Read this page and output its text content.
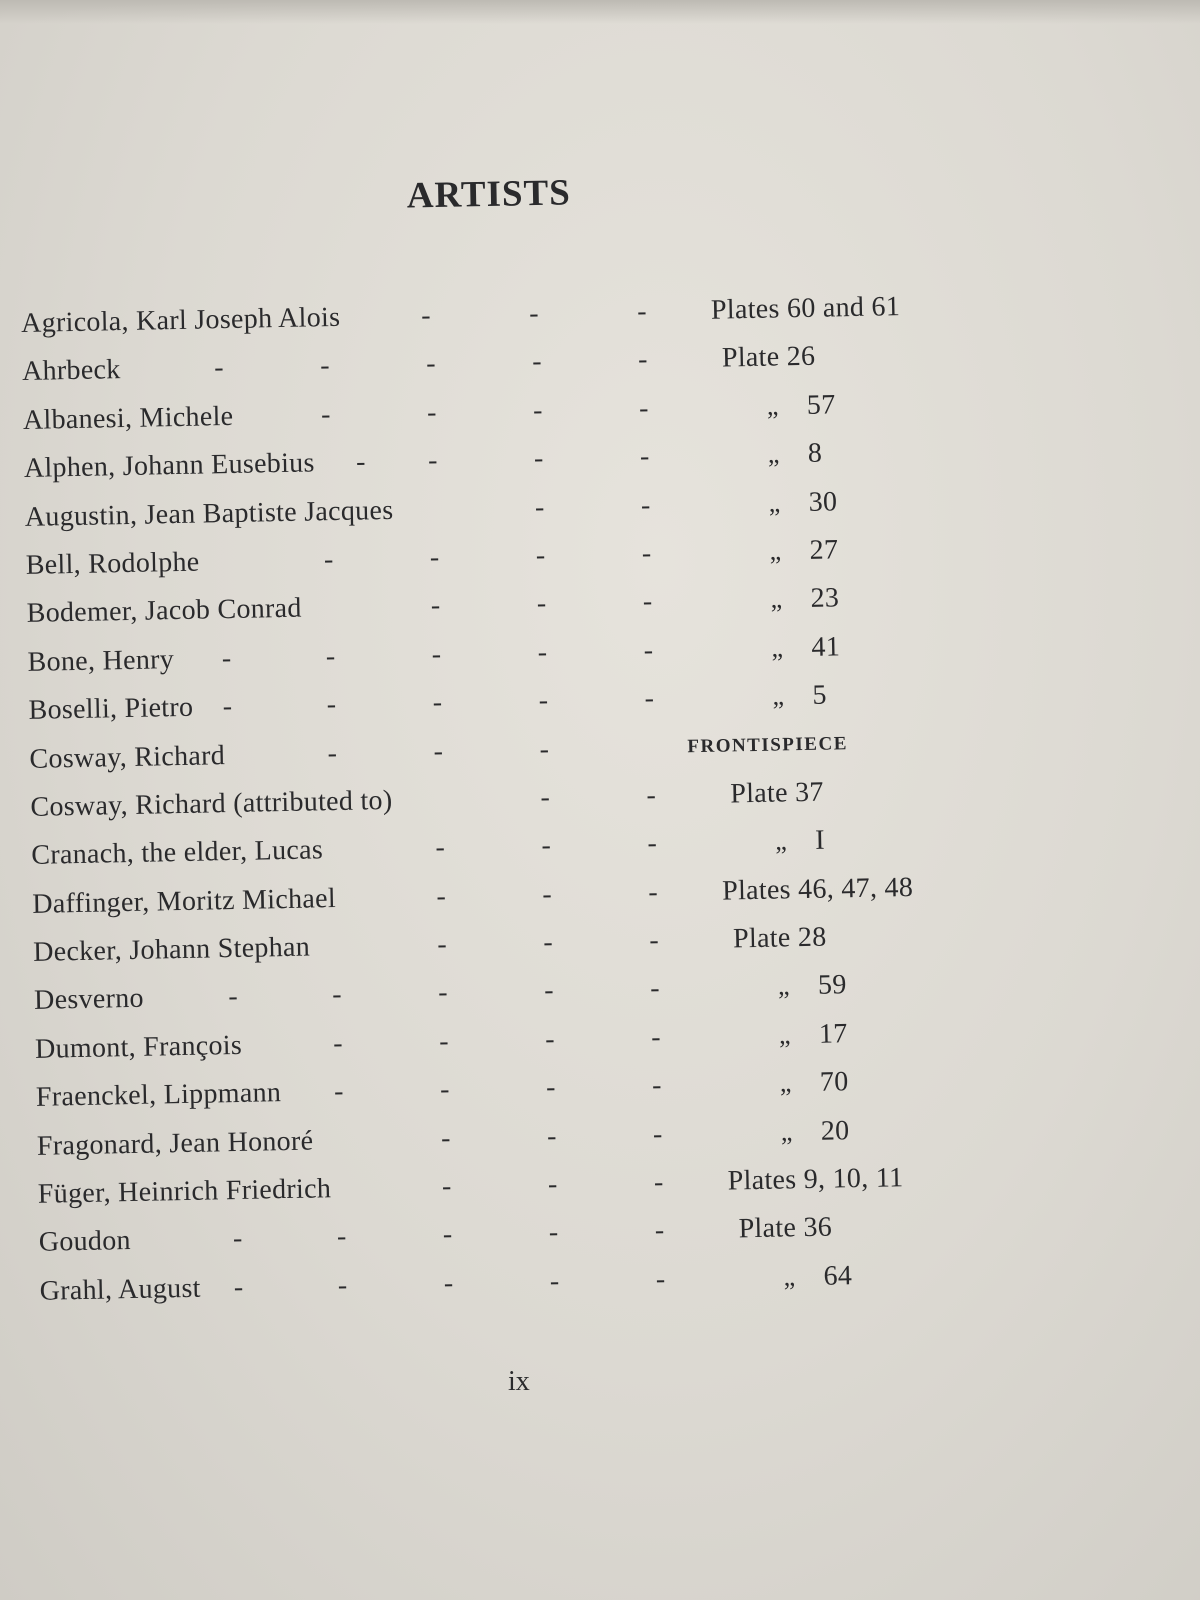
ARTISTS
Agricola, Karl Joseph Alois	-	-	- Plates 60 and 61
Ahrbeck	-	-	-	-	-	Plate 26
Albanesi, Michele	-	-	-	-	„ 57
Alphen, Johann Eusebius - -	-	-	„ 8
Augustin, Jean Baptiste Jacques	-	-	„ 30
Bell, Rodolphe	-	-	-	-	„ 27
Bodemer, Jacob Conrad	-	-	-	„ 23
Bone, Henry -	-	-	-	-	„ 41
Boselli, Pietro -	-	-	-	-	„ 5
Cosway, Richard	-	-	-	FRONTISPIECE
Cosway, Richard (attributed to)	-	-	Plate 37
Cranach, the elder, Lucas	-	-	-	„ I
Daffinger, Moritz Michael	-	-	- Plates 46, 47, 48
Decker, Johann Stephan	-	-	-	Plate 28
Desverno	-	-	-	-	-	„ 59
Dumont, François	-	-	-	-	„ 17
Fraenckel, Lippmann -	-	-	-	„ 70
Fragonard, Jean Honoré	-	-	-	„ 20
Füger, Heinrich Friedrich	-	-	- Plates 9, 10, 11
Goudon	-	-	-	-	-	Plate 36
Grahl, August -	-	-	-	-	„ 64
ix
